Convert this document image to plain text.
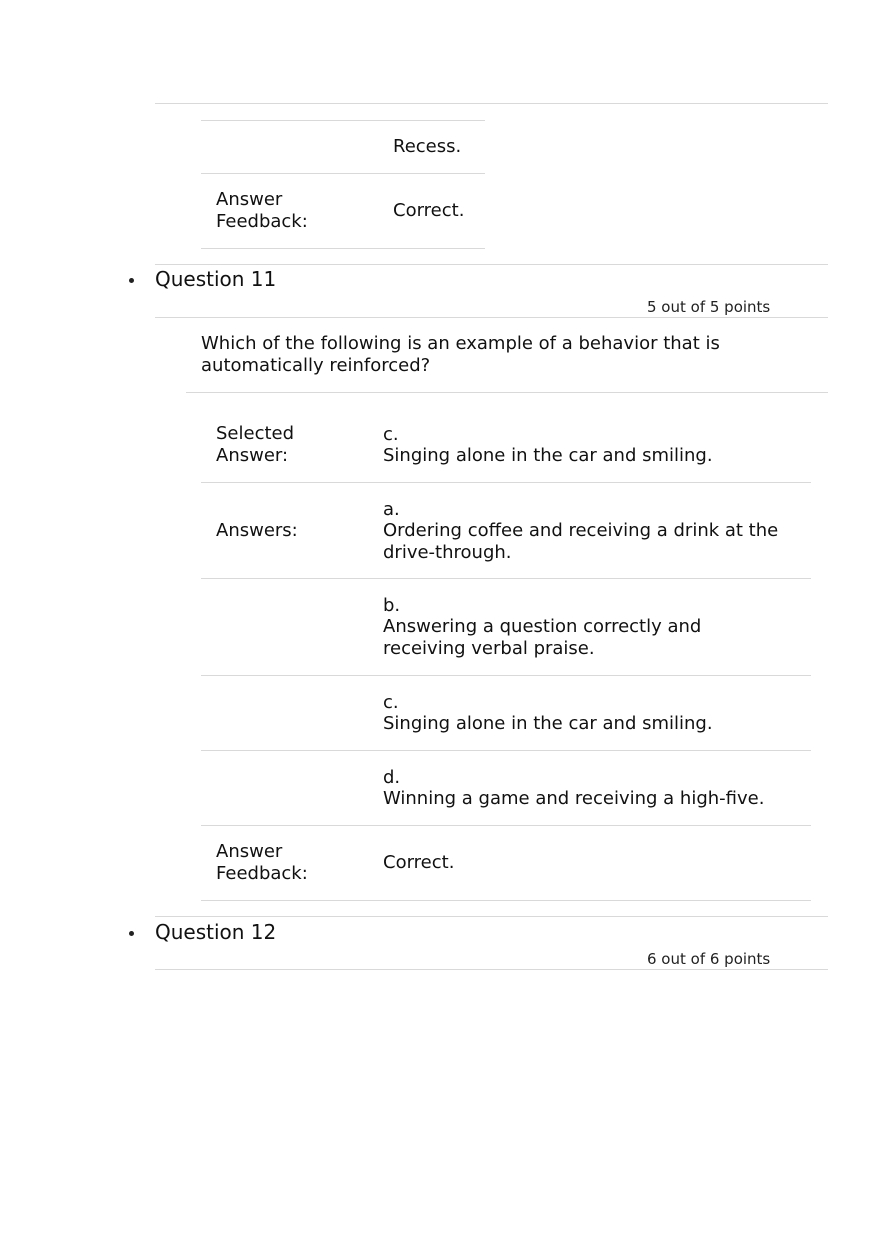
Recess.
Answer Feedback:
Correct.
Question 11
5 out of 5 points
Which of the following is an example of a behavior that is automatically reinforced?
Selected Answer:
c.
Singing alone in the car and smiling.
Answers:
a.
Ordering coffee and receiving a drink at the drive-through.
b.
Answering a question correctly and receiving verbal praise.
c.
Singing alone in the car and smiling.
d.
Winning a game and receiving a high-five.
Answer Feedback:
Correct.
Question 12
6 out of 6 points
